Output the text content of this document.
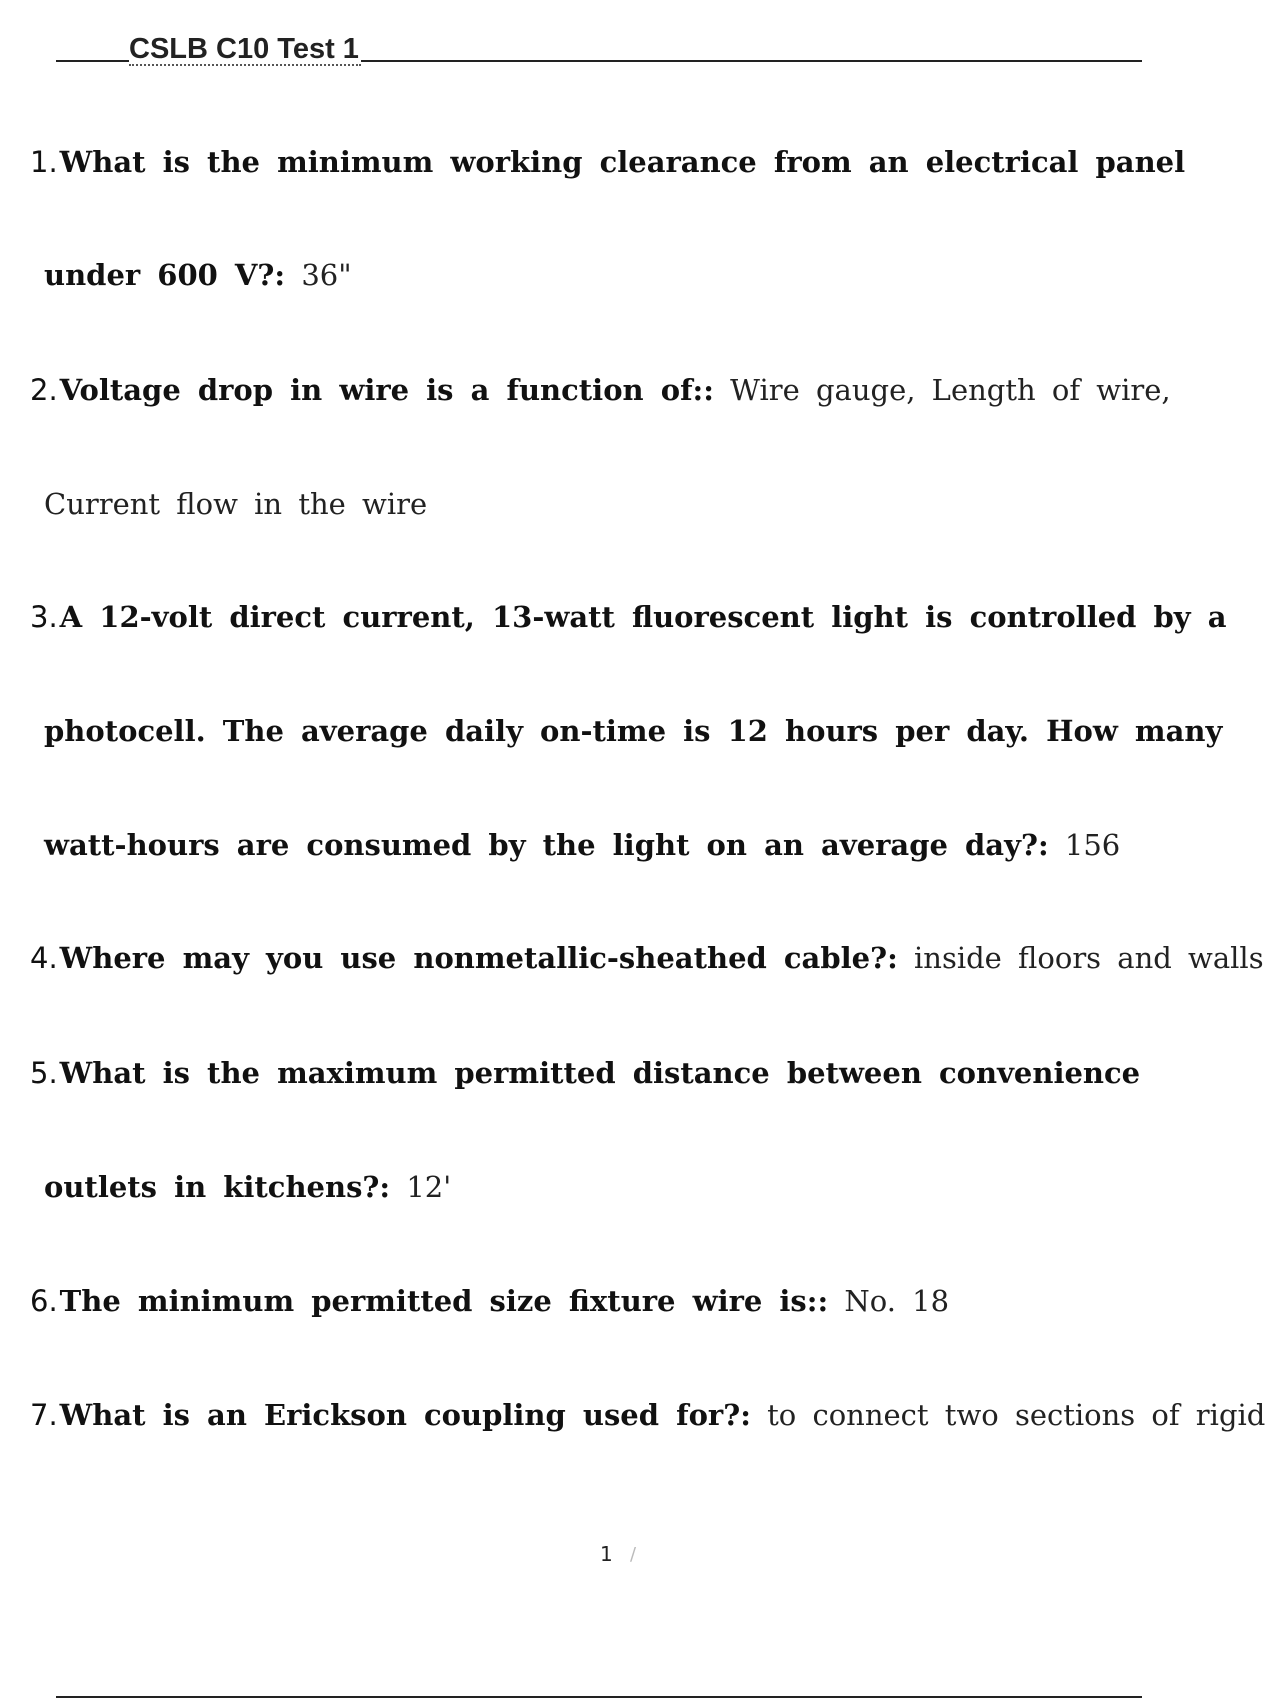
CSLB C10 Test 1
1.What is the minimum working clearance from an electrical panel
under 600 V?: 36"
2.Voltage drop in wire is a function of:: Wire gauge, Length of wire,
Current flow in the wire
3.A 12-volt direct current, 13-watt fluorescent light is controlled by a
photocell. The average daily on-time is 12 hours per day. How many
watt-hours are consumed by the light on an average day?: 156
4.Where may you use nonmetallic-sheathed cable?: inside floors and walls
5.What is the maximum permitted distance between convenience
outlets in kitchens?: 12'
6.The minimum permitted size fixture wire is:: No. 18
7.What is an Erickson coupling used for?: to connect two sections of rigid
1 /
